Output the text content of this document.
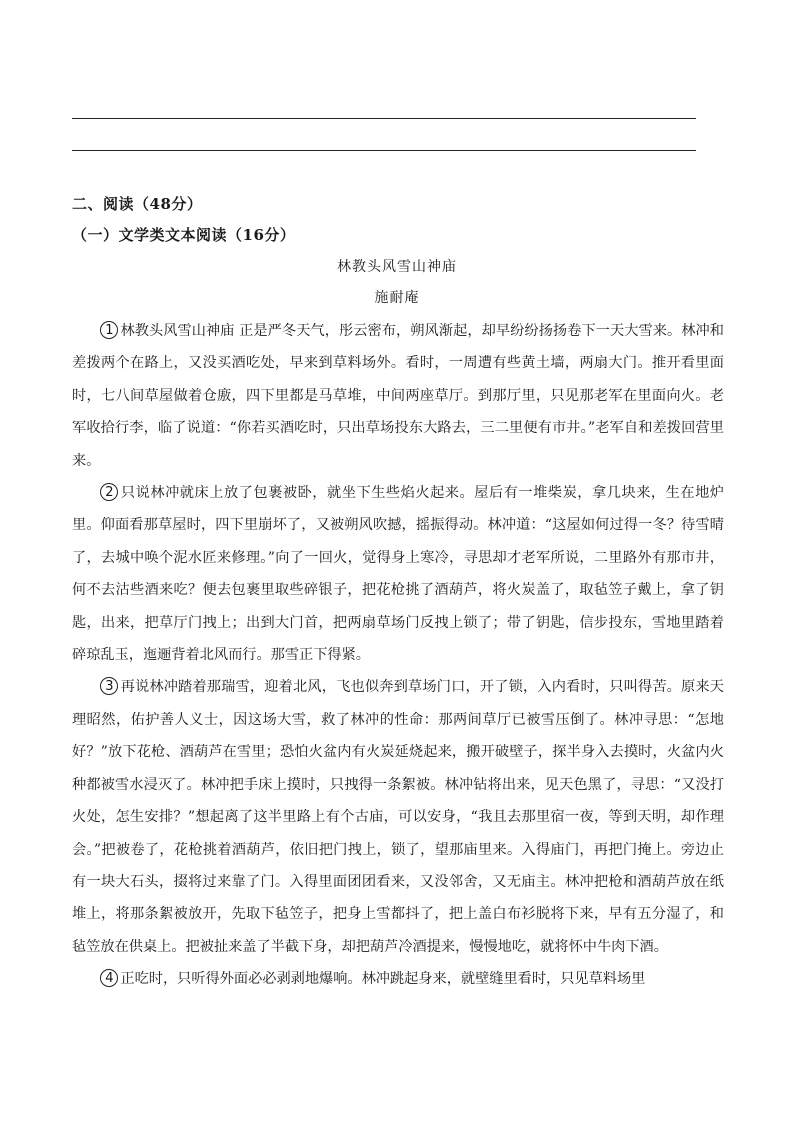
二、阅读（48分）
（一）文学类文本阅读（16分）
林教头风雪山神庙
施耐庵

1 林教头风雪山神庙 正是严冬天气，彤云密布，朔风渐起，却早纷纷扬扬卷下一天大雪来。林冲和差拨两个在路上，又没买酒吃处，早来到草料场外。看时，一周遭有些黄土墙，两扇大门。推开看里面时，七八间草屋做着仓廒，四下里都是马草堆，中间两座草厅。到那厅里，只见那老军在里面向火。老军收拾行李，临了说道：“你若买酒吃时，只出草场投东大路去，三二里便有市井。”老军自和差拨回营里来。

2 只说林冲就床上放了包裹被卧，就坐下生些焰火起来。屋后有一堆柴炭，拿几块来，生在地炉里。仰面看那草屋时，四下里崩坏了，又被朔风吹撼，摇振得动。林冲道：“这屋如何过得一冬？待雪晴了，去城中唤个泥水匠来修理。”向了一回火，觉得身上寒冷，寻思却才老军所说，二里路外有那市井，何不去沽些酒来吃？便去包裹里取些碎银子，把花枪挑了酒葫芦，将火炭盖了，取毡笠子戴上，拿了钥匙，出来，把草厅门拽上；出到大门首，把两扇草场门反拽上锁了；带了钥匙，信步投东，雪地里踏着碎琼乱玉，迤逦背着北风而行。那雪正下得紧。

3 再说林冲踏着那瑞雪，迎着北风，飞也似奔到草场门口，开了锁，入内看时，只叫得苦。原来天理昭然，佑护善人义士，因这场大雪，救了林冲的性命：那两间草厅已被雪压倒了。林冲寻思：“怎地好？”放下花枪、酒葫芦在雪里；恐怕火盆内有火炭延烧起来，搬开破壁子，探半身入去摸时，火盆内火种都被雪水浸灭了。林冲把手床上摸时，只拽得一条絮被。林冲钻将出来，见天色黑了，寻思：“又没打火处，怎生安排？”想起离了这半里路上有个古庙，可以安身，“我且去那里宿一夜，等到天明，却作理会。”把被卷了，花枪挑着酒葫芦，依旧把门拽上，锁了，望那庙里来。入得庙门，再把门掩上。旁边止有一块大石头，掇将过来靠了门。入得里面团团看来，又没邻舍，又无庙主。林冲把枪和酒葫芦放在纸堆上，将那条絮被放开，先取下毡笠子，把身上雪都抖了，把上盖白布衫脱将下来，早有五分湿了，和毡笠放在供桌上。把被扯来盖了半截下身，却把葫芦冷酒提来，慢慢地吃，就将怀中牛肉下酒。

4 正吃时，只听得外面必必剥剥地爆响。林冲跳起身来，就壁缝里看时，只见草料场里
